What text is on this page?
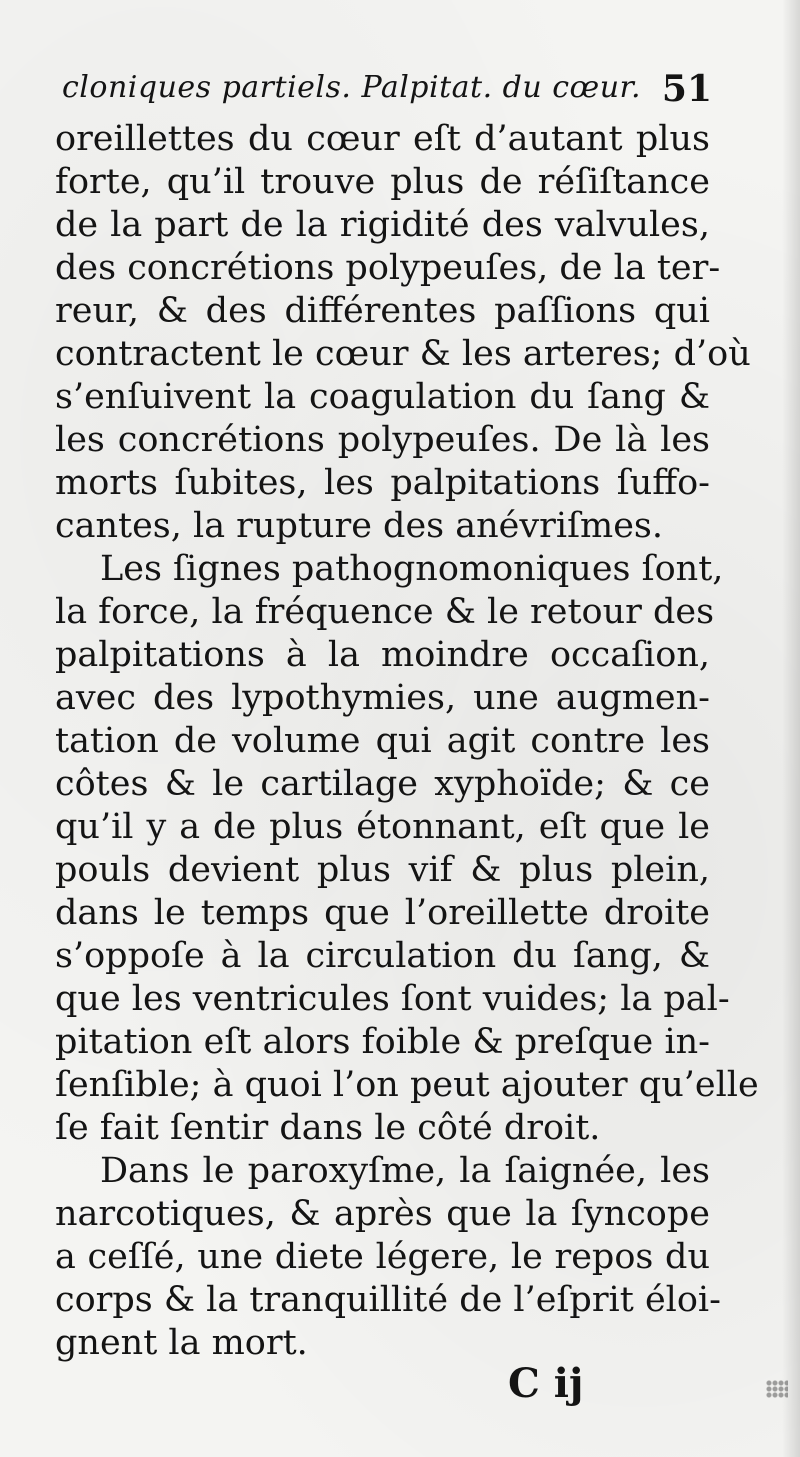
cloniques partiels. Palpitat. du cœur. 51
oreillettes du cœur eſt d’autant plus
forte, qu’il trouve plus de réſiſtance
de la part de la rigidité des valvules,
des concrétions polypeuſes, de la ter-
reur, & des différentes paſſions qui
contractent le cœur & les arteres; d’où
s’enſuivent la coagulation du ſang &
les concrétions polypeuſes. De là les
morts ſubites, les palpitations ſuffo-
cantes, la rupture des anévriſmes.
Les ſignes pathognomoniques ſont,
la force, la fréquence & le retour des
palpitations à la moindre occaſion,
avec des lypothymies, une augmen-
tation de volume qui agit contre les
côtes & le cartilage xyphoïde; & ce
qu’il y a de plus étonnant, eſt que le
pouls devient plus vif & plus plein,
dans le temps que l’oreillette droite
s’oppoſe à la circulation du ſang, &
que les ventricules ſont vuides; la pal-
pitation eſt alors foible & preſque in-
ſenſible; à quoi l’on peut ajouter qu’elle
ſe fait ſentir dans le côté droit.
Dans le paroxyſme, la ſaignée, les
narcotiques, & après que la ſyncope
a ceſſé, une diete légere, le repos du
corps & la tranquillité de l’eſprit éloi-
gnent la mort.
C ij
